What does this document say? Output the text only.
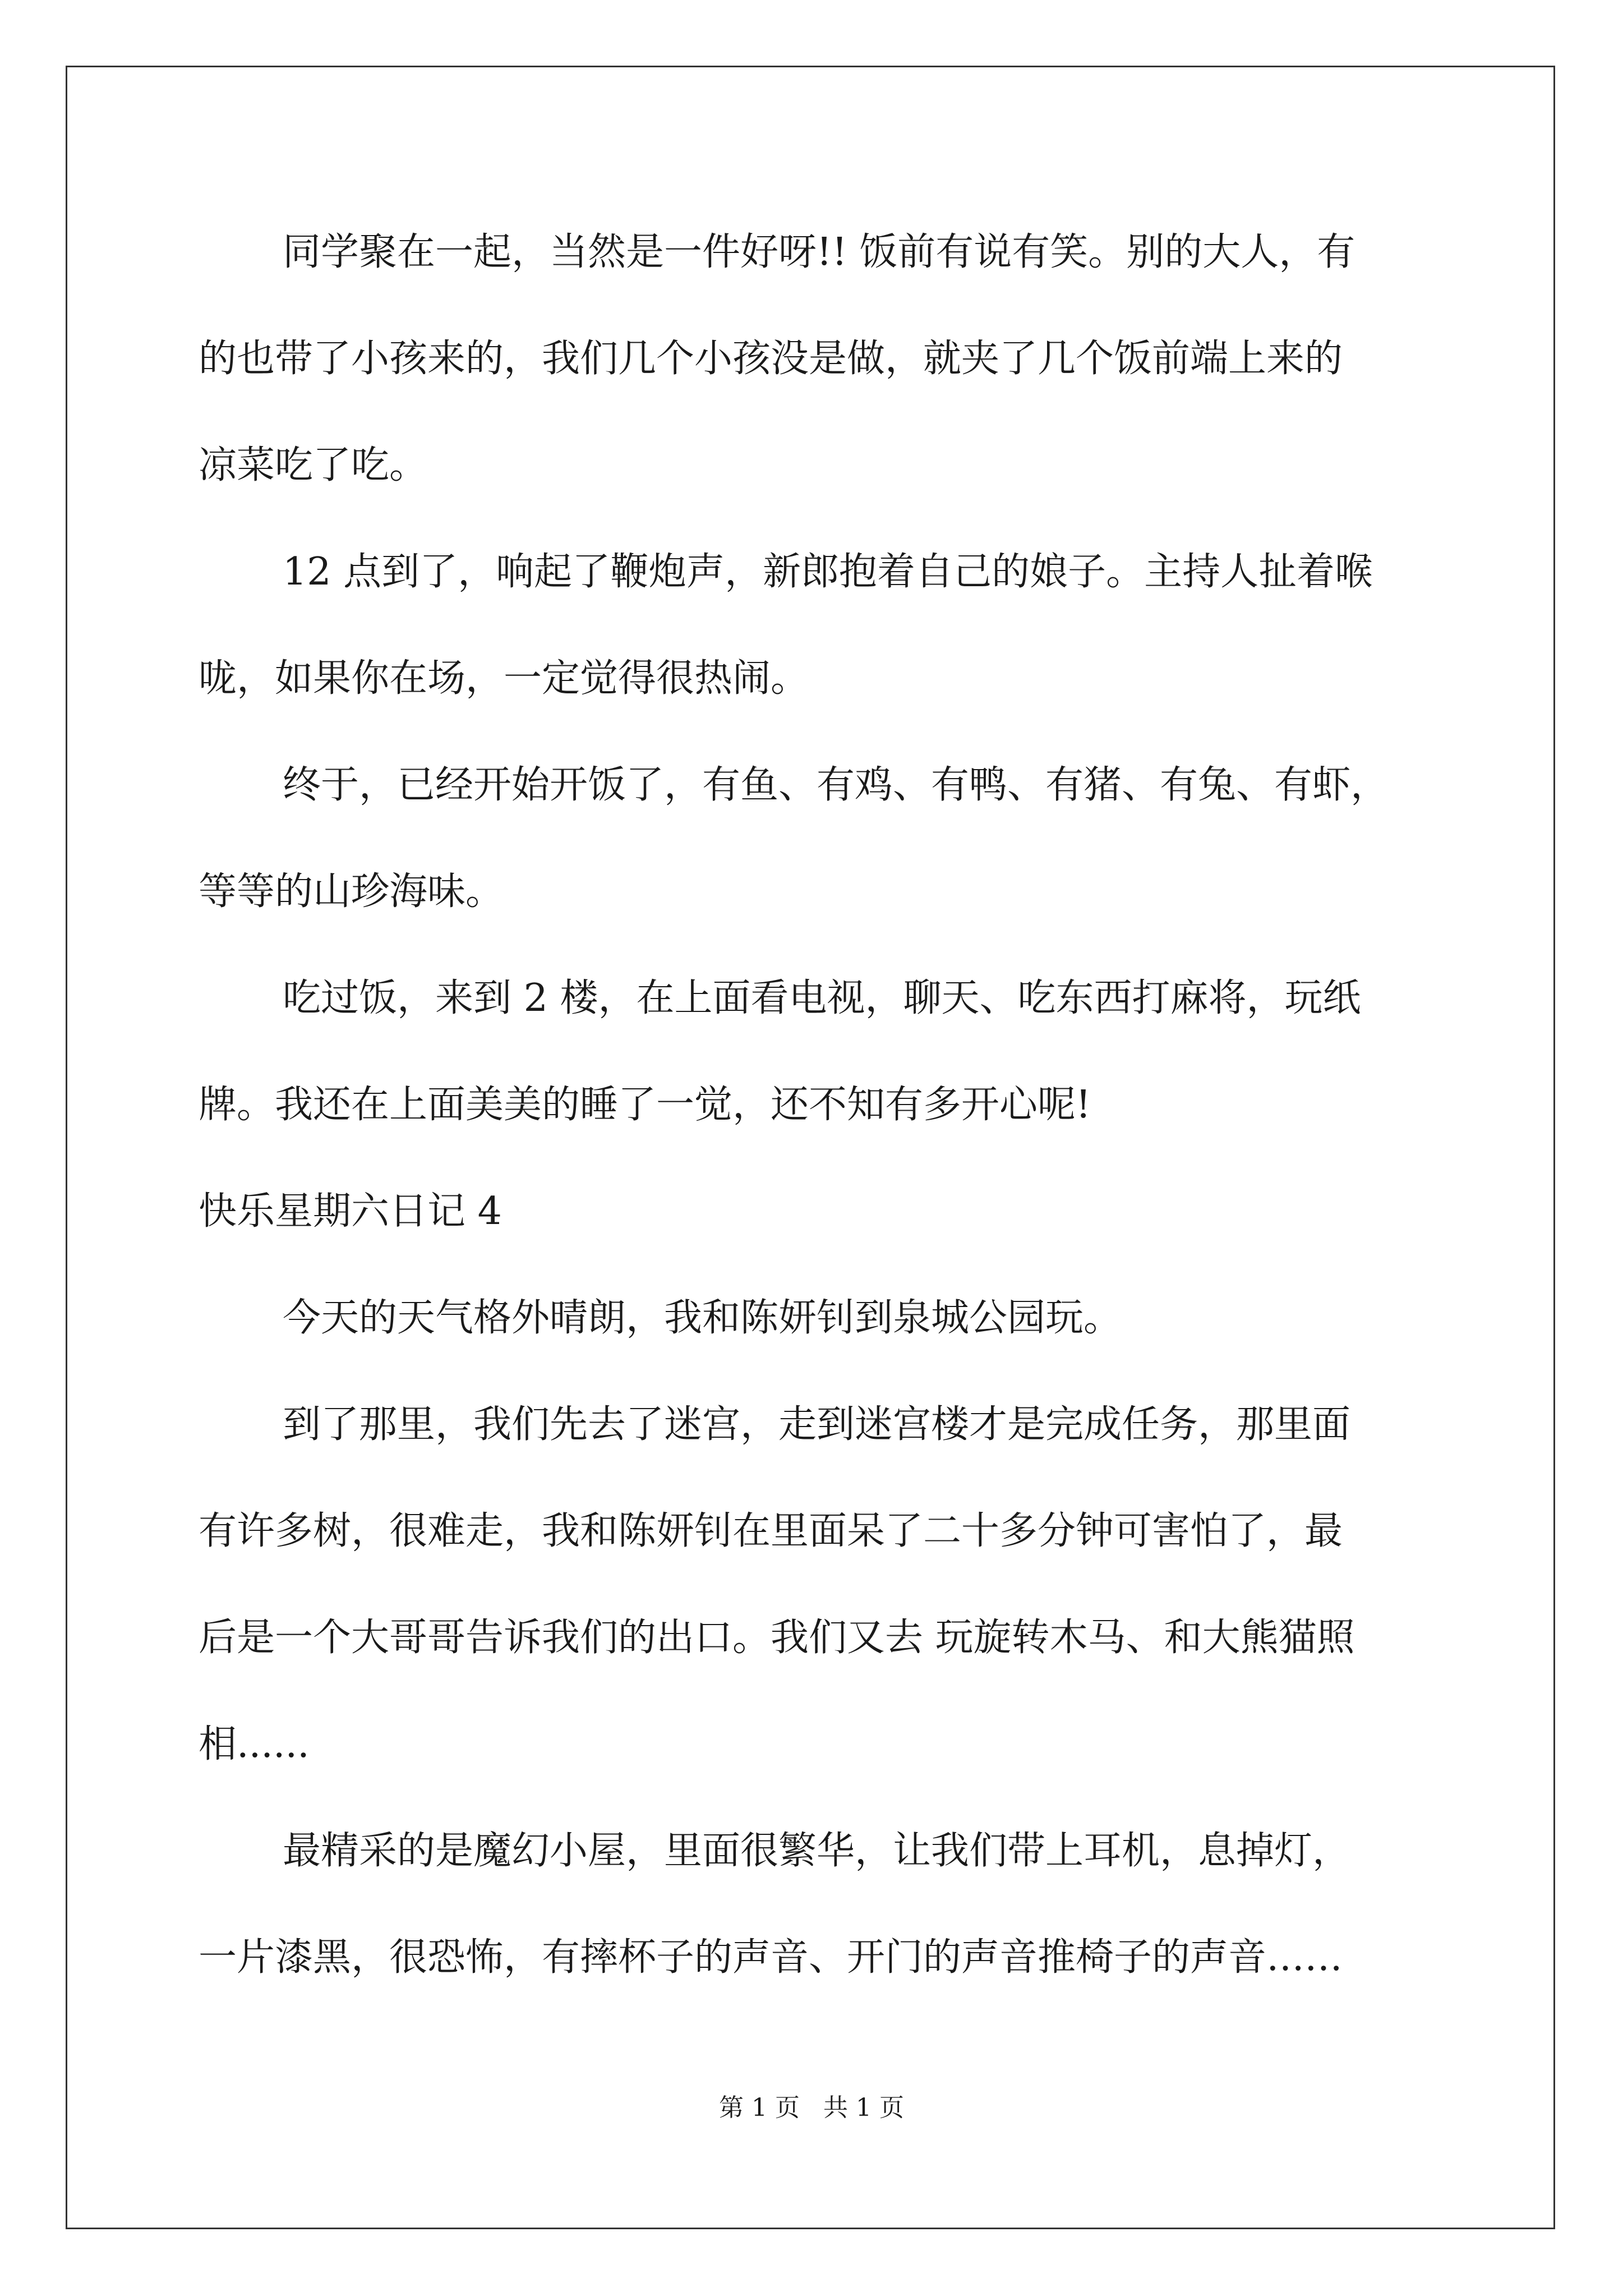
同学聚在一起，当然是一件好呀!! 饭前有说有笑。别的大人，有
的也带了小孩来的，我们几个小孩没是做，就夹了几个饭前端上来的
凉菜吃了吃。
12 点到了，响起了鞭炮声，新郎抱着自己的娘子。主持人扯着喉
咙，如果你在场，一定觉得很热闹。
终于，已经开始开饭了，有鱼、有鸡、有鸭、有猪、有兔、有虾，
等等的山珍海味。
吃过饭，来到 2 楼，在上面看电视，聊天、吃东西打麻将，玩纸
牌。我还在上面美美的睡了一觉，还不知有多开心呢!
快乐星期六日记 4
今天的天气格外晴朗，我和陈妍钊到泉城公园玩。
到了那里，我们先去了迷宫，走到迷宫楼才是完成任务，那里面
有许多树，很难走，我和陈妍钊在里面呆了二十多分钟可害怕了，最
后是一个大哥哥告诉我们的出口。我们又去 玩旋转木马、和大熊猫照
相......
最精采的是魔幻小屋，里面很繁华，让我们带上耳机，息掉灯，
一片漆黑，很恐怖，有摔杯子的声音、开门的声音推椅子的声音……
第 1 页   共 1 页
